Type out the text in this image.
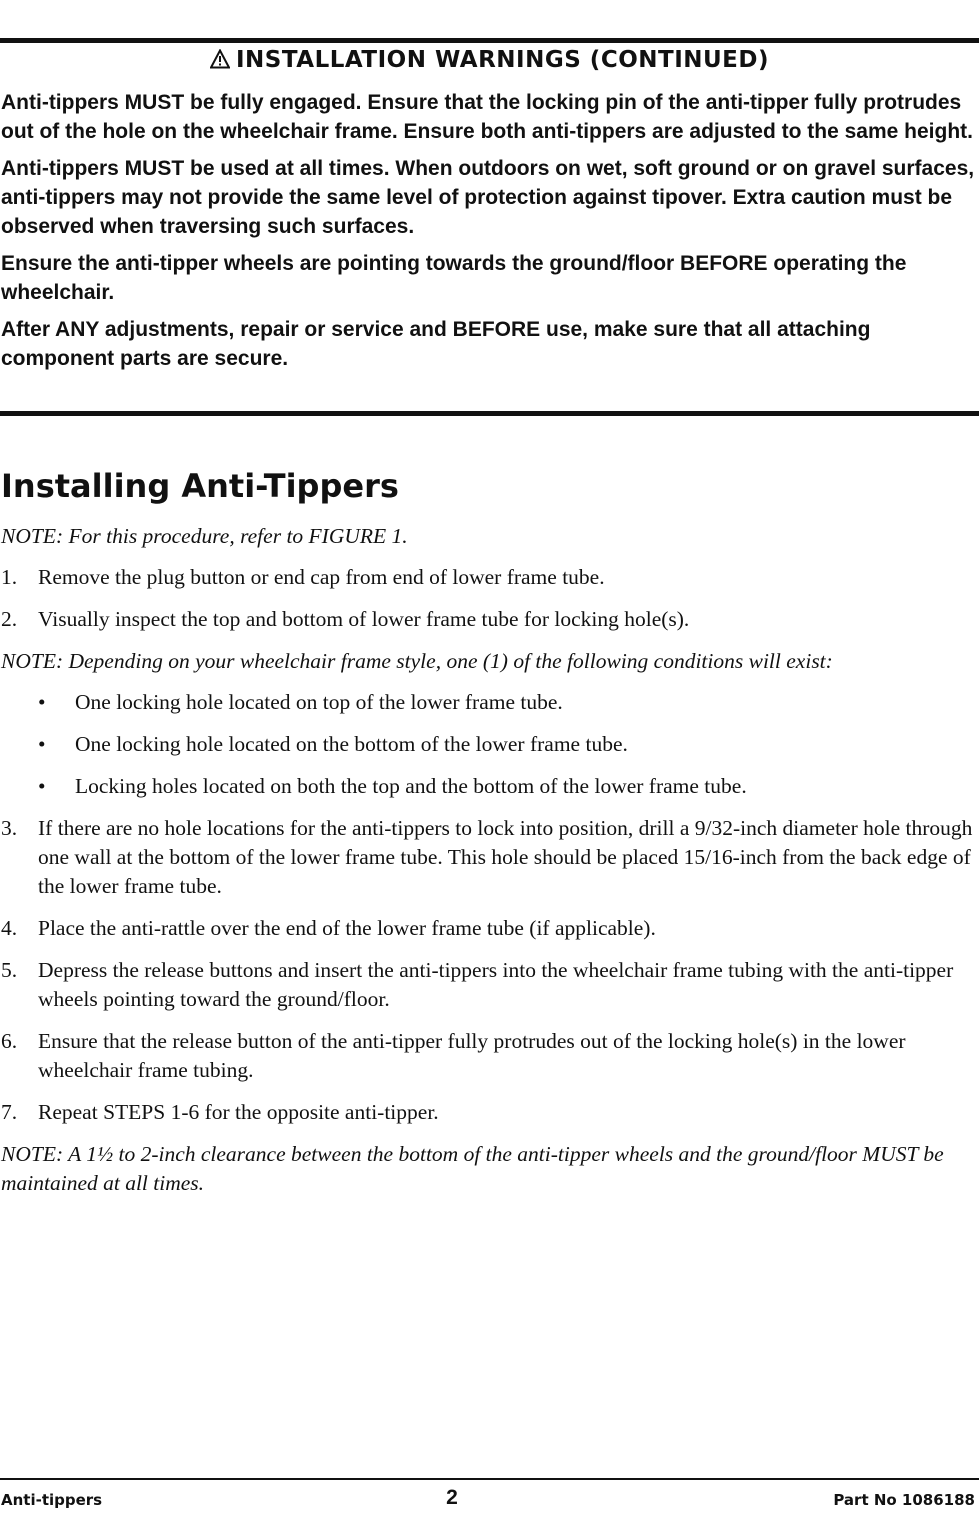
INSTALLATION WARNINGS (CONTINUED)

Anti-tippers MUST be fully engaged. Ensure that the locking pin of the anti-tipper fully protrudes out of the hole on the wheelchair frame. Ensure both anti-tippers are adjusted to the same height.

Anti-tippers MUST be used at all times. When outdoors on wet, soft ground or on gravel surfaces, anti-tippers may not provide the same level of protection against tipover. Extra caution must be observed when traversing such surfaces.

Ensure the anti-tipper wheels are pointing towards the ground/floor BEFORE operating the wheelchair.

After ANY adjustments, repair or service and BEFORE use, make sure that all attaching component parts are secure.

Installing Anti-Tippers

NOTE: For this procedure, refer to FIGURE 1.

1. Remove the plug button or end cap from end of lower frame tube.
2. Visually inspect the top and bottom of lower frame tube for locking hole(s).

NOTE: Depending on your wheelchair frame style, one (1) of the following conditions will exist:

• One locking hole located on top of the lower frame tube.
• One locking hole located on the bottom of the lower frame tube.
• Locking holes located on both the top and the bottom of the lower frame tube.
3. If there are no hole locations for the anti-tippers to lock into position, drill a 9/32-inch diameter hole through one wall at the bottom of the lower frame tube. This hole should be placed 15/16-inch from the back edge of the lower frame tube.
4. Place the anti-rattle over the end of the lower frame tube (if applicable).
5. Depress the release buttons and insert the anti-tippers into the wheelchair frame tubing with the anti-tipper wheels pointing toward the ground/floor.
6. Ensure that the release button of the anti-tipper fully protrudes out of the locking hole(s) in the lower wheelchair frame tubing.
7. Repeat STEPS 1-6 for the opposite anti-tipper.

NOTE: A 1½ to 2-inch clearance between the bottom of the anti-tipper wheels and the ground/floor MUST be maintained at all times.

Anti-tippers	2	Part No 1086188
